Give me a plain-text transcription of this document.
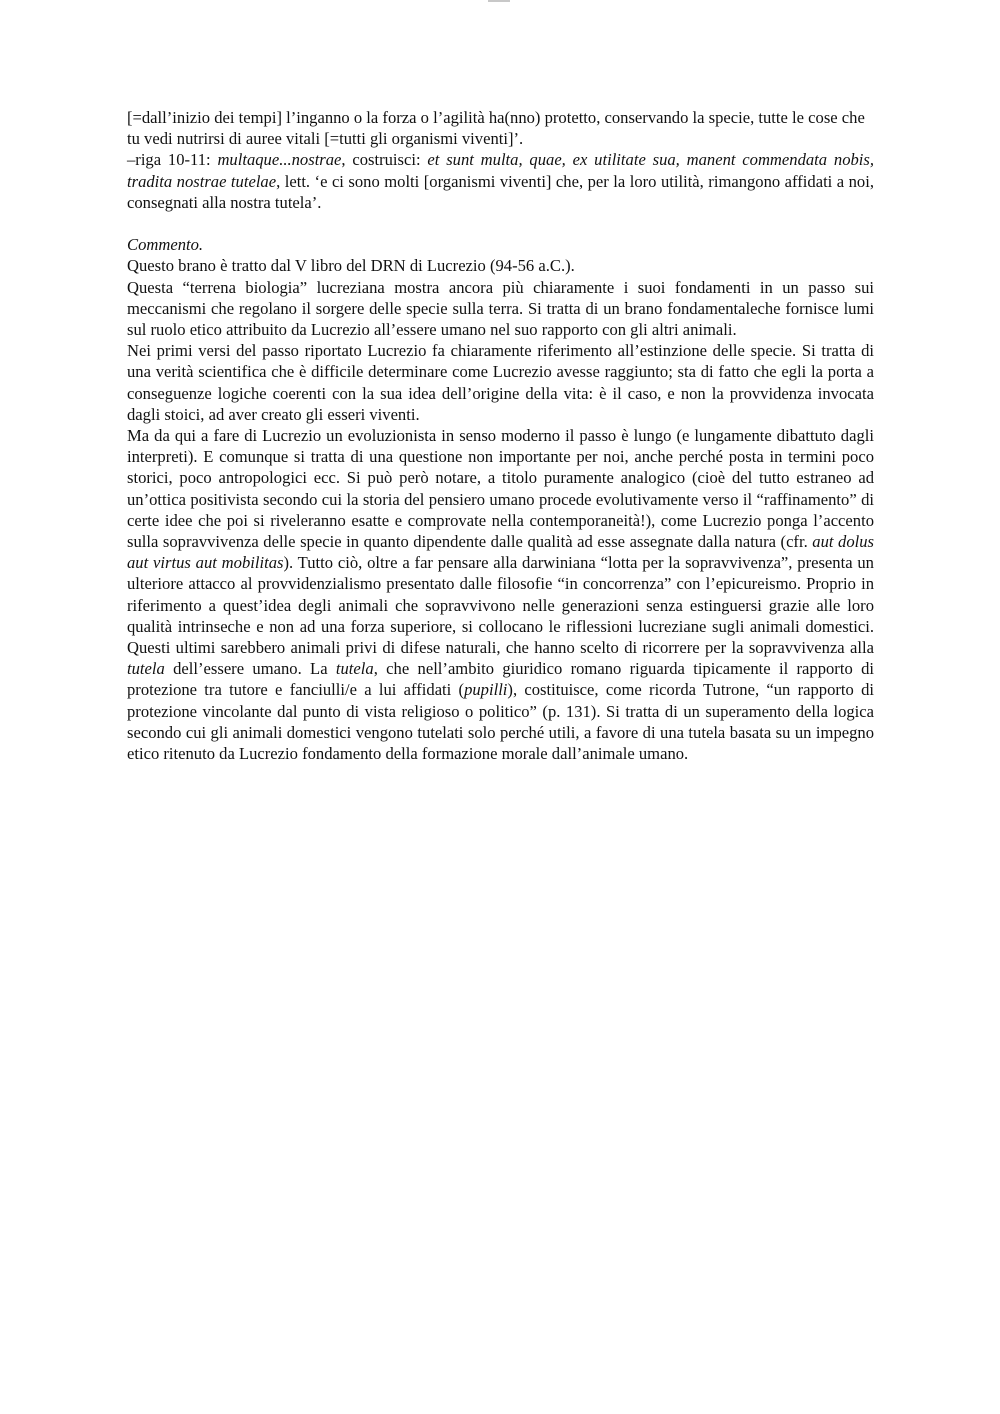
[=dall’inizio dei tempi] l’inganno o la forza o l’agilità ha(nno) protetto, conservando la specie, tutte le cose che tu vedi nutrirsi di auree vitali [=tutti gli organismi viventi]’.

–riga 10-11: multaque...nostrae, costruisci: et sunt multa, quae, ex utilitate sua, manent commendata nobis, tradita nostrae tutelae, lett. ‘e ci sono molti [organismi viventi] che, per la loro utilità, rimangono affidati a noi, consegnati alla nostra tutela’.

Commento.

Questo brano è tratto dal V libro del DRN di Lucrezio (94-56 a.C.).

Questa “terrena biologia” lucreziana mostra ancora più chiaramente i suoi fondamenti in un passo sui meccanismi che regolano il sorgere delle specie sulla terra. Si tratta di un brano fondamentaleche fornisce lumi sul ruolo etico attribuito da Lucrezio all’essere umano nel suo rapporto con gli altri animali.

Nei primi versi del passo riportato Lucrezio fa chiaramente riferimento all’estinzione delle specie. Si tratta di una verità scientifica che è difficile determinare come Lucrezio avesse raggiunto; sta di fatto che egli la porta a conseguenze logiche coerenti con la sua idea dell’origine della vita: è il caso, e non la provvidenza invocata dagli stoici, ad aver creato gli esseri viventi.

Ma da qui a fare di Lucrezio un evoluzionista in senso moderno il passo è lungo (e lungamente dibattuto dagli interpreti). E comunque si tratta di una questione non importante per noi, anche perché posta in termini poco storici, poco antropologici ecc. Si può però notare, a titolo puramente analogico (cioè del tutto estraneo ad un’ottica positivista secondo cui la storia del pensiero umano procede evolutivamente verso il “raffinamento” di certe idee che poi si riveleranno esatte e comprovate nella contemporaneità!), come Lucrezio ponga l’accento sulla sopravvivenza delle specie in quanto dipendente dalle qualità ad esse assegnate dalla natura (cfr. aut dolus aut virtus aut mobilitas). Tutto ciò, oltre a far pensare alla darwiniana “lotta per la sopravvivenza”, presenta un ulteriore attacco al provvidenzialismo presentato dalle filosofie “in concorrenza” con l’epicureismo. Proprio in riferimento a quest’idea degli animali che sopravvivono nelle generazioni senza estinguersi grazie alle loro qualità intrinseche e non ad una forza superiore, si collocano le riflessioni lucreziane sugli animali domestici. Questi ultimi sarebbero animali privi di difese naturali, che hanno scelto di ricorrere per la sopravvivenza alla tutela dell’essere umano. La tutela, che nell’ambito giuridico romano riguarda tipicamente il rapporto di protezione tra tutore e fanciulli/e a lui affidati (pupilli), costituisce, come ricorda Tutrone, “un rapporto di protezione vincolante dal punto di vista religioso o politico” (p. 131). Si tratta di un superamento della logica secondo cui gli animali domestici vengono tutelati solo perché utili, a favore di una tutela basata su un impegno etico ritenuto da Lucrezio fondamento della formazione morale dall’animale umano.
